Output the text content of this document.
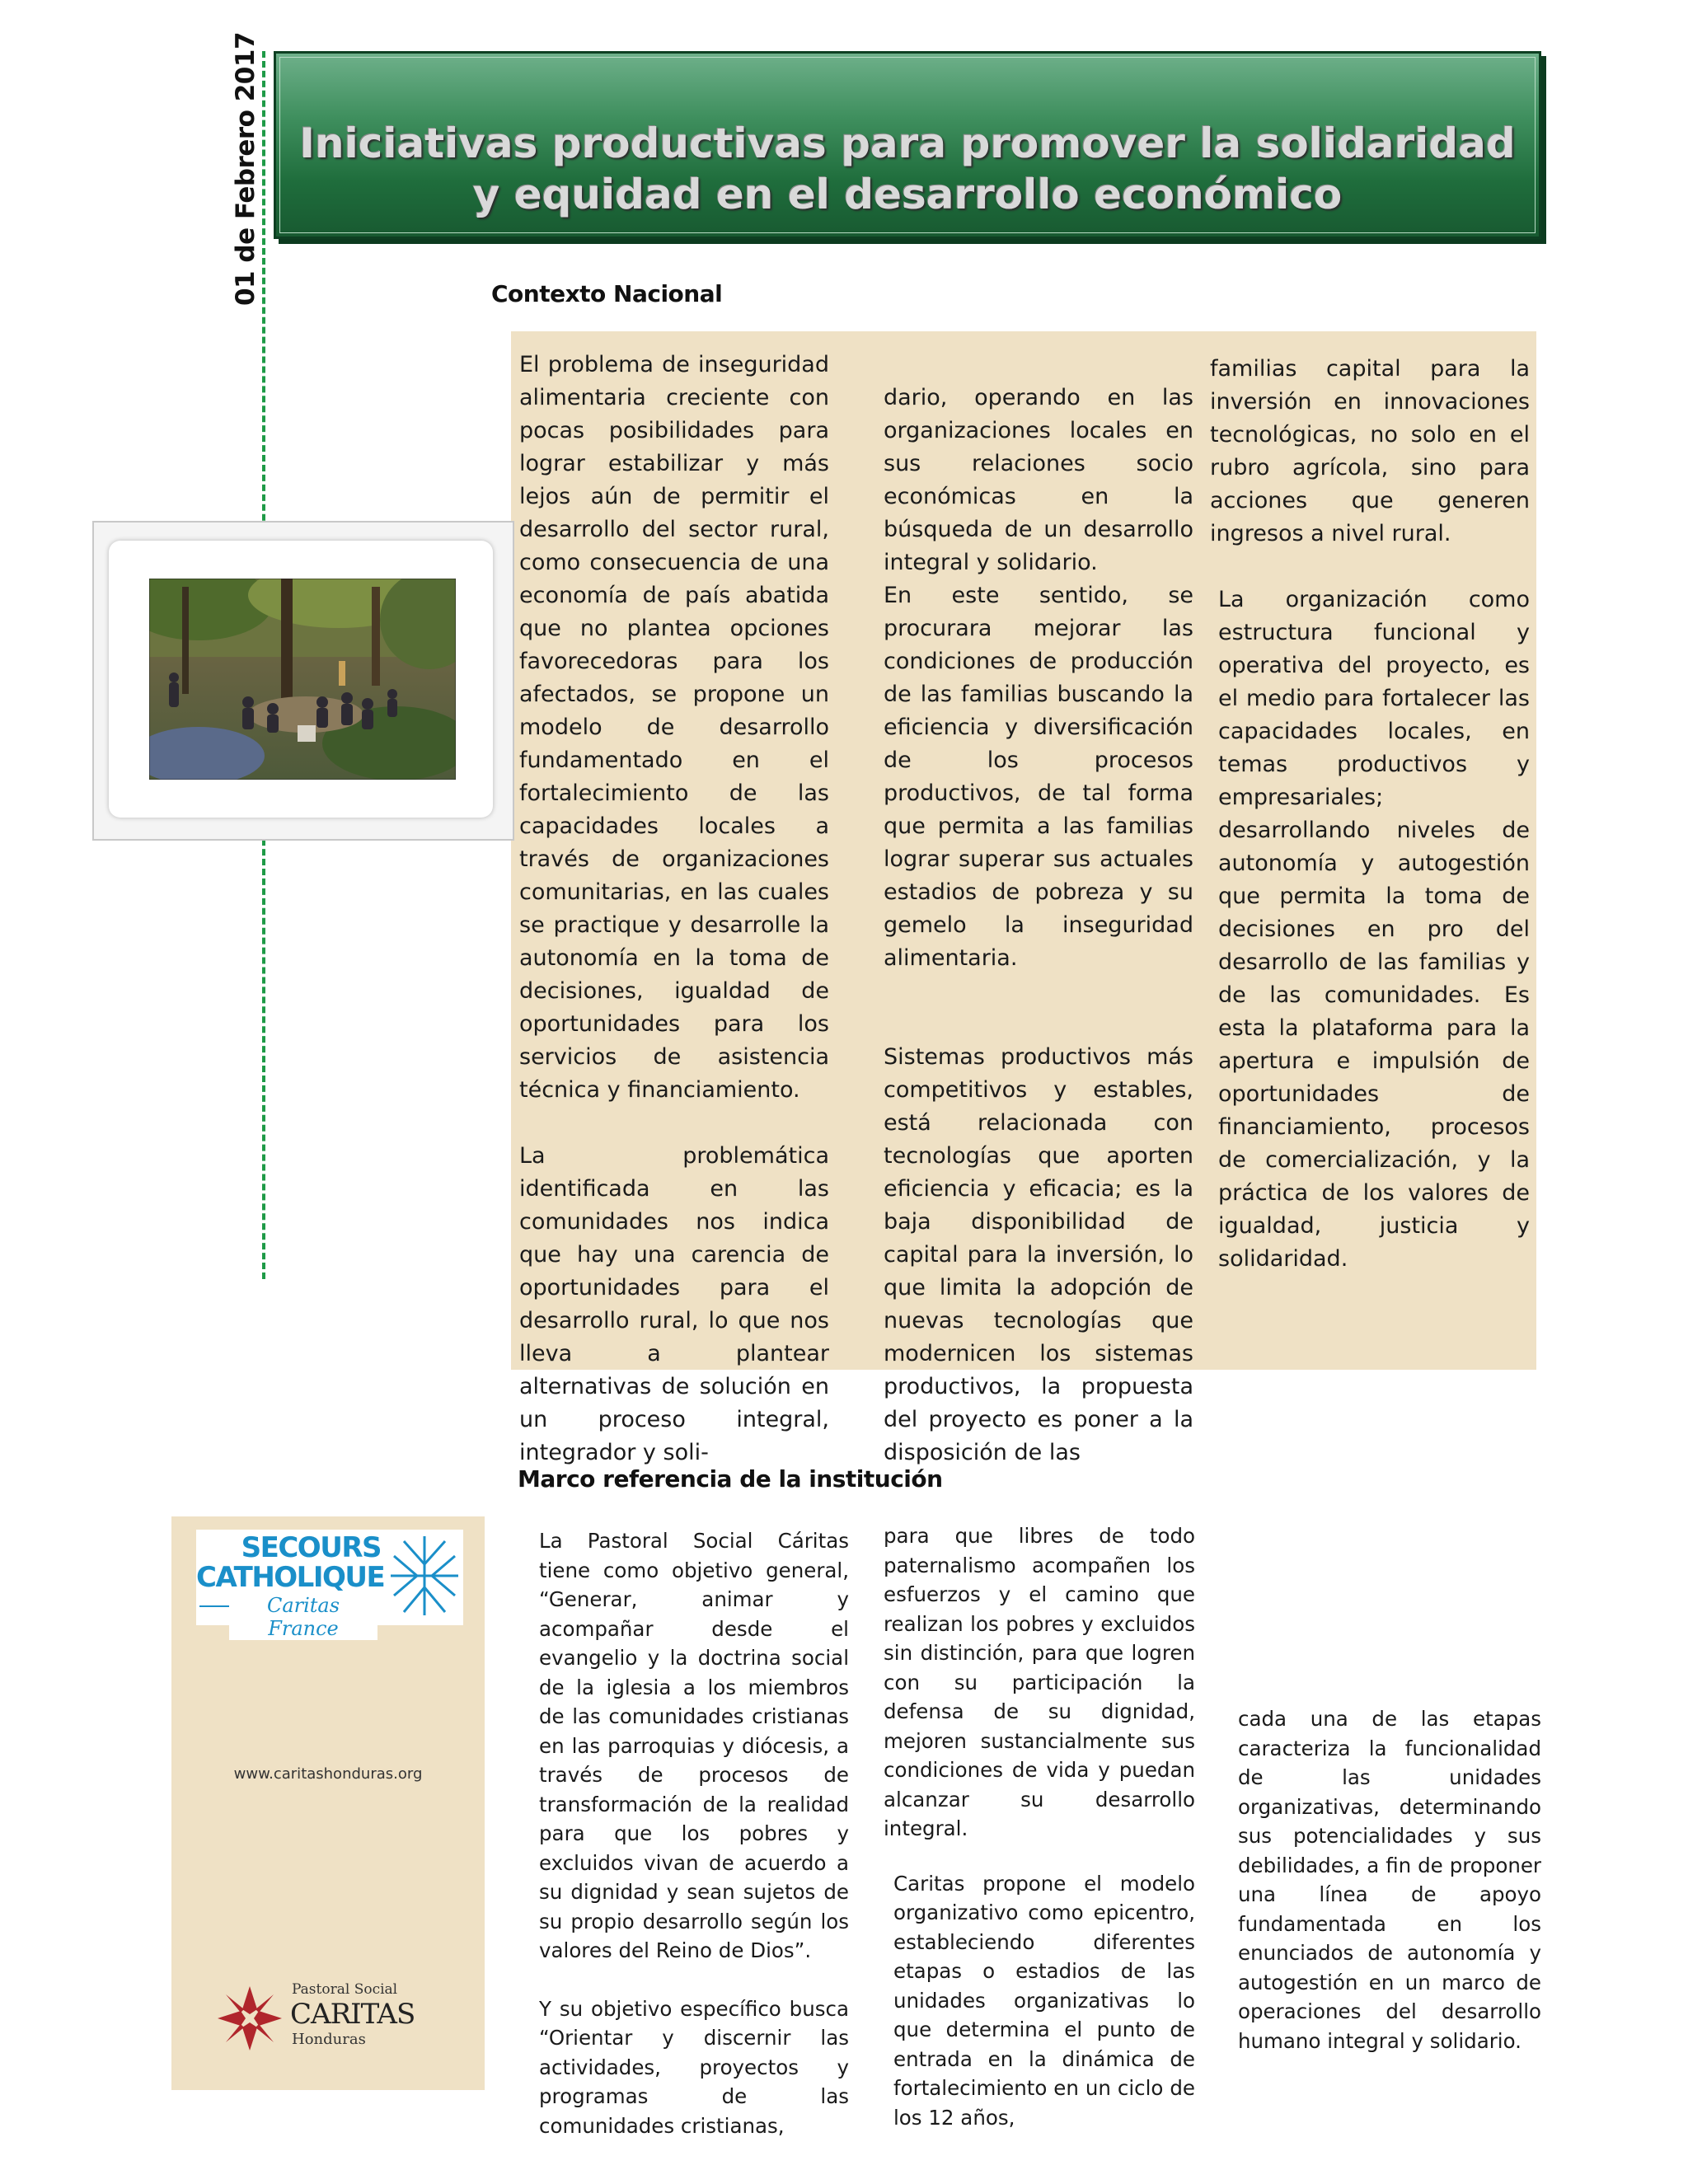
01 de Febrero 2017 Iniciativas productivas para promover la solidaridad
y equidad en el desarrollo económico
Contexto Nacional

El problema de inseguridad alimentaria creciente con pocas posibilidades para lograr estabilizar y más lejos aún de permitir el desarrollo del sector rural, como consecuencia de una economía de país abatida que no plantea opciones favorecedoras para los afectados, se propone un modelo de desarrollo fundamentado en el fortalecimiento de las capacidades locales a través de organizaciones comunitarias, en las cuales se practique y desarrolle la autonomía en la toma de decisiones, igualdad de oportunidades para los servicios de asistencia técnica y financiamiento.

La problemática identificada en las comunidades nos indica que hay una carencia de oportunidades para el desarrollo rural, lo que nos lleva a plantear alternativas de solución en un proceso integral, integrador y soli-

dario, operando en las organizaciones locales en sus relaciones socio económicas en la búsqueda de un desarrollo integral y solidario.
En este sentido, se procurara mejorar las condiciones de producción de las familias buscando la eficiencia y diversificación de los procesos productivos, de tal forma que permita a las familias lograr superar sus actuales estadios de pobreza y su gemelo la inseguridad alimentaria.

Sistemas productivos más competitivos y estables, está relacionada con tecnologías que aporten eficiencia y eficacia; es la baja disponibilidad de capital para la inversión, lo que limita la adopción de nuevas tecnologías que modernicen los sistemas productivos, la propuesta del proyecto es poner a la disposición de las

familias capital para la inversión en innovaciones tecnológicas, no solo en el rubro agrícola, sino para acciones que generen ingresos a nivel rural.

La organización como estructura funcional y operativa del proyecto, es el medio para fortalecer las capacidades locales, en temas productivos y empresariales; desarrollando niveles de autonomía y autogestión que permita la toma de decisiones en pro del desarrollo de las familias y de las comunidades. Es esta la plataforma para la apertura e impulsión de oportunidades de financiamiento, procesos de comercialización, y la práctica de los valores de igualdad, justicia y solidaridad.

Marco referencia de la institución
SECOURS
CATHOLIQUE
Caritas France
www.caritashonduras.org
Pastoral Social
CARITAS
Honduras

La Pastoral Social Cáritas tiene como objetivo general, “Generar, animar y acompañar desde el evangelio y la doctrina social de la iglesia a los miembros de las comunidades cristianas en las parroquias y diócesis, a través de procesos de transformación de la realidad para que los pobres y excluidos vivan de acuerdo a su dignidad y sean sujetos de su propio desarrollo según los valores del Reino de Dios”.

Y su objetivo específico busca “Orientar y discernir las actividades, proyectos y programas de las comunidades cristianas,

para que libres de todo paternalismo acompañen los esfuerzos y el camino que realizan los pobres y excluidos sin distinción, para que logren con su participación la defensa de su dignidad, mejoren sustancialmente sus condiciones de vida y puedan alcanzar su desarrollo integral.

Caritas propone el modelo organizativo como epicentro, estableciendo diferentes etapas o estadios de las unidades organizativas lo que determina el punto de entrada en la dinámica de fortalecimiento en un ciclo de los 12 años,

cada una de las etapas caracteriza la funcionalidad de las unidades organizativas, determinando sus potencialidades y sus debilidades, a fin de proponer una línea de apoyo fundamentada en los enunciados de autonomía y autogestión en un marco de operaciones del desarrollo humano integral y solidario.
